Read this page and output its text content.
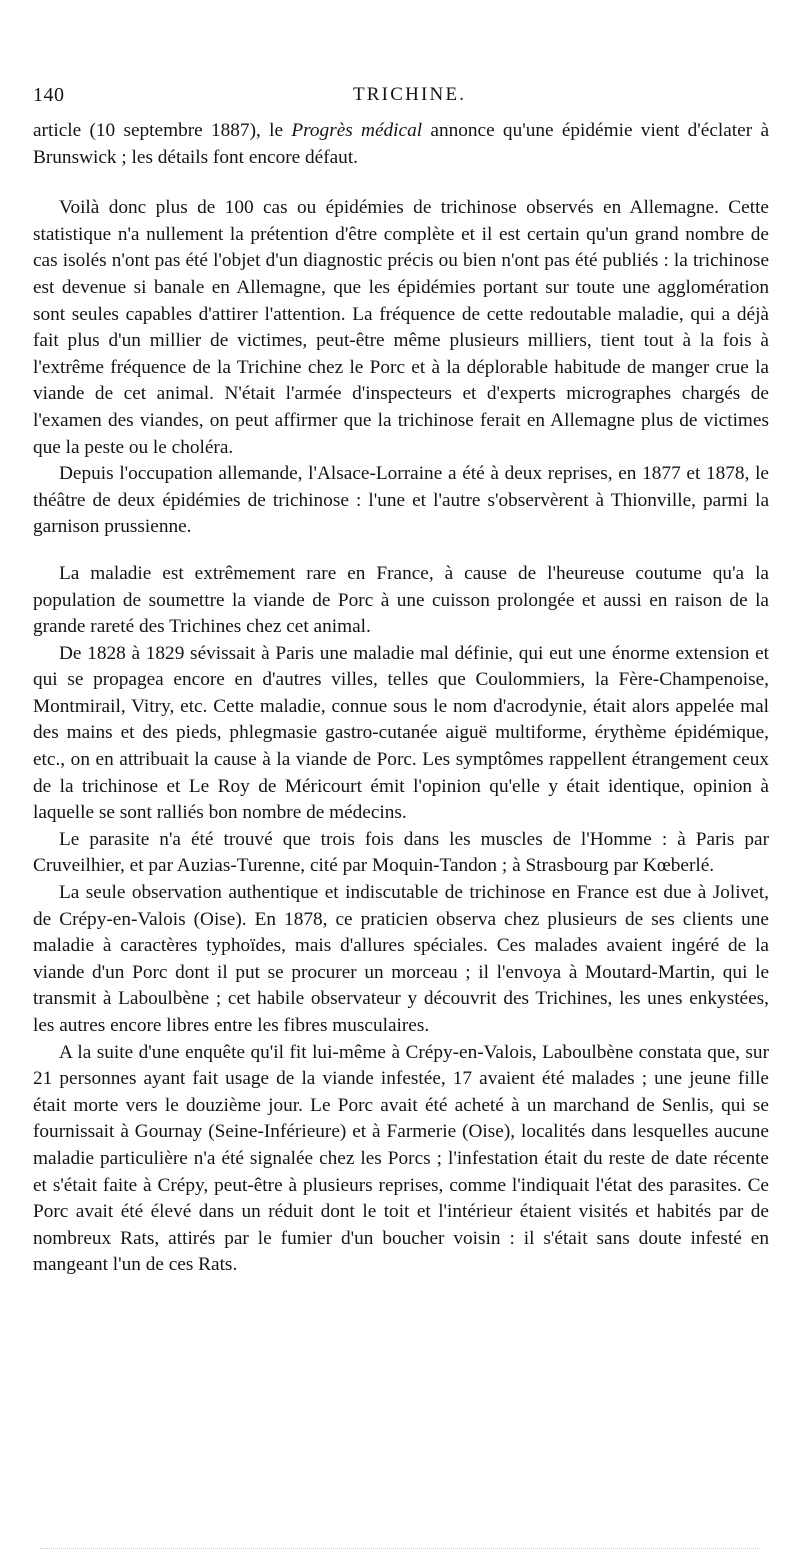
140	TRICHINE.

article (10 septembre 1887), le Progrès médical annonce qu'une épidémie vient d'éclater à Brunswick ; les détails font encore défaut.

Voilà donc plus de 100 cas ou épidémies de trichinose observés en Allemagne. Cette statistique n'a nullement la prétention d'être complète et il est certain qu'un grand nombre de cas isolés n'ont pas été l'objet d'un diagnostic précis ou bien n'ont pas été publiés : la trichinose est devenue si banale en Allemagne, que les épidémies portant sur toute une agglomération sont seules capables d'attirer l'attention. La fréquence de cette redoutable maladie, qui a déjà fait plus d'un millier de victimes, peut-être même plusieurs milliers, tient tout à la fois à l'extrême fréquence de la Trichine chez le Porc et à la déplorable habitude de manger crue la viande de cet animal. N'était l'armée d'inspecteurs et d'experts micrographes chargés de l'examen des viandes, on peut affirmer que la trichinose ferait en Allemagne plus de victimes que la peste ou le choléra.

Depuis l'occupation allemande, l'Alsace-Lorraine a été à deux reprises, en 1877 et 1878, le théâtre de deux épidémies de trichinose : l'une et l'autre s'observèrent à Thionville, parmi la garnison prussienne.

La maladie est extrêmement rare en France, à cause de l'heureuse coutume qu'a la population de soumettre la viande de Porc à une cuisson prolongée et aussi en raison de la grande rareté des Trichines chez cet animal.

De 1828 à 1829 sévissait à Paris une maladie mal définie, qui eut une énorme extension et qui se propagea encore en d'autres villes, telles que Coulommiers, la Fère-Champenoise, Montmirail, Vitry, etc. Cette maladie, connue sous le nom d'acrodynie, était alors appelée mal des mains et des pieds, phlegmasie gastro-cutanée aiguë multiforme, érythème épidémique, etc., on en attribuait la cause à la viande de Porc. Les symptômes rappellent étrangement ceux de la trichinose et Le Roy de Méricourt émit l'opinion qu'elle y était identique, opinion à laquelle se sont ralliés bon nombre de médecins.

Le parasite n'a été trouvé que trois fois dans les muscles de l'Homme : à Paris par Cruveilhier, et par Auzias-Turenne, cité par Moquin-Tandon ; à Strasbourg par Kœberlé.

La seule observation authentique et indiscutable de trichinose en France est due à Jolivet, de Crépy-en-Valois (Oise). En 1878, ce praticien observa chez plusieurs de ses clients une maladie à caractères typhoïdes, mais d'allures spéciales. Ces malades avaient ingéré de la viande d'un Porc dont il put se procurer un morceau ; il l'envoya à Moutard-Martin, qui le transmit à Laboulbène ; cet habile observateur y découvrit des Trichines, les unes enkystées, les autres encore libres entre les fibres musculaires.

A la suite d'une enquête qu'il fit lui-même à Crépy-en-Valois, Laboulbène constata que, sur 21 personnes ayant fait usage de la viande infestée, 17 avaient été malades ; une jeune fille était morte vers le douzième jour. Le Porc avait été acheté à un marchand de Senlis, qui se fournissait à Gournay (Seine-Inférieure) et à Farmerie (Oise), localités dans lesquelles aucune maladie particulière n'a été signalée chez les Porcs ; l'infestation était du reste de date récente et s'était faite à Crépy, peut-être à plusieurs reprises, comme l'indiquait l'état des parasites. Ce Porc avait été élevé dans un réduit dont le toit et l'intérieur étaient visités et habités par de nombreux Rats, attirés par le fumier d'un boucher voisin : il s'était sans doute infesté en mangeant l'un de ces Rats.
